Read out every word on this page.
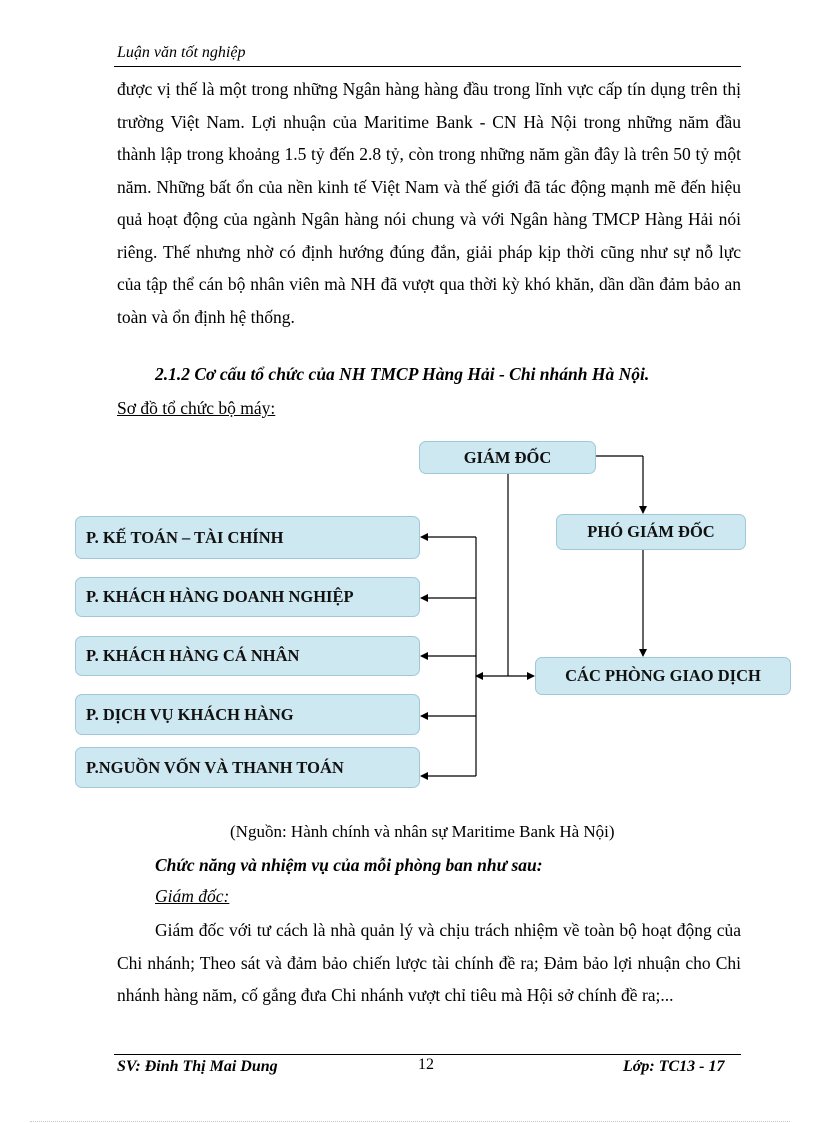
Luận văn tốt nghiệp

được vị thế là một trong những Ngân hàng hàng đầu trong lĩnh vực cấp tín dụng trên thị trường Việt Nam. Lợi nhuận của Maritime Bank - CN Hà Nội trong những năm đầu thành lập trong khoảng 1.5 tỷ đến 2.8 tỷ, còn trong những năm gần đây là trên 50 tỷ một năm. Những bất ổn của nền kinh tế Việt Nam và thế giới đã tác động mạnh mẽ đến hiệu quả hoạt động của ngành Ngân hàng nói chung và với Ngân hàng TMCP Hàng Hải nói riêng. Thế nhưng nhờ có định hướng đúng đắn, giải pháp kịp thời cũng như sự nỗ lực của tập thể cán bộ nhân viên mà NH đã vượt qua thời kỳ khó khăn, dần dần đảm bảo an toàn và ổn định hệ thống.

2.1.2 Cơ cấu tổ chức của NH TMCP Hàng Hải - Chi nhánh Hà Nội.
Sơ đồ tổ chức bộ máy:
GIÁM ĐỐC
PHÓ GIÁM ĐỐC
CÁC PHÒNG GIAO DỊCH
P. KẾ TOÁN – TÀI CHÍNH
P. KHÁCH HÀNG DOANH NGHIỆP
P. KHÁCH HÀNG CÁ NHÂN
P. DỊCH VỤ KHÁCH HÀNG
P.NGUỒN VỐN VÀ THANH TOÁN
(Nguồn: Hành chính và nhân sự Maritime Bank Hà Nội)
Chức năng và nhiệm vụ của mỗi phòng ban như sau:
Giám đốc:

Giám đốc với tư cách là nhà quản lý và chịu trách nhiệm về toàn bộ hoạt động của Chi nhánh; Theo sát và đảm bảo chiến lược tài chính đề ra; Đảm bảo lợi nhuận cho Chi nhánh hàng năm, cố gắng đưa Chi nhánh vượt chỉ tiêu mà Hội sở chính đề ra;...

SV: Đinh Thị Mai Dung	12	Lớp: TC13 - 17
